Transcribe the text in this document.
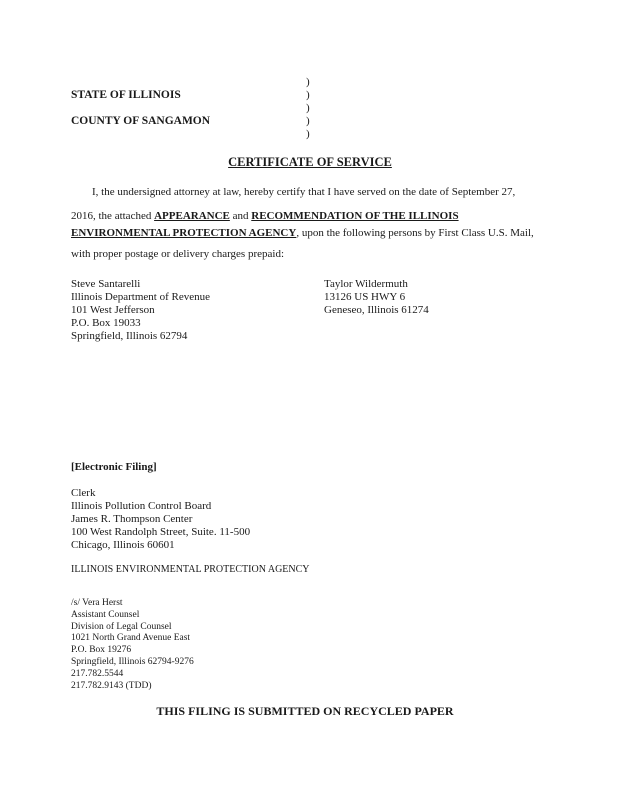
)
STATE OF ILLINOIS	)
)
COUNTY OF SANGAMON	)
)
CERTIFICATE OF SERVICE
I, the undersigned attorney at law, hereby certify that I have served on the date of September 27,
2016, the attached APPEARANCE and RECOMMENDATION OF THE ILLINOIS
ENVIRONMENTAL PROTECTION AGENCY, upon the following persons by First Class U.S. Mail,
with proper postage or delivery charges prepaid:
Steve Santarelli
Illinois Department of Revenue
101 West Jefferson
P.O. Box 19033
Springfield, Illinois 62794
Taylor Wildermuth
13126 US HWY 6
Geneseo, Illinois 61274
[Electronic Filing]
Clerk
Illinois Pollution Control Board
James R. Thompson Center
100 West Randolph Street, Suite. 11-500
Chicago, Illinois 60601
ILLINOIS ENVIRONMENTAL PROTECTION AGENCY
/s/ Vera Herst
Assistant Counsel
Division of Legal Counsel
1021 North Grand Avenue East
P.O. Box 19276
Springfield, Illinois 62794-9276
217.782.5544
217.782.9143 (TDD)
THIS FILING IS SUBMITTED ON RECYCLED PAPER
